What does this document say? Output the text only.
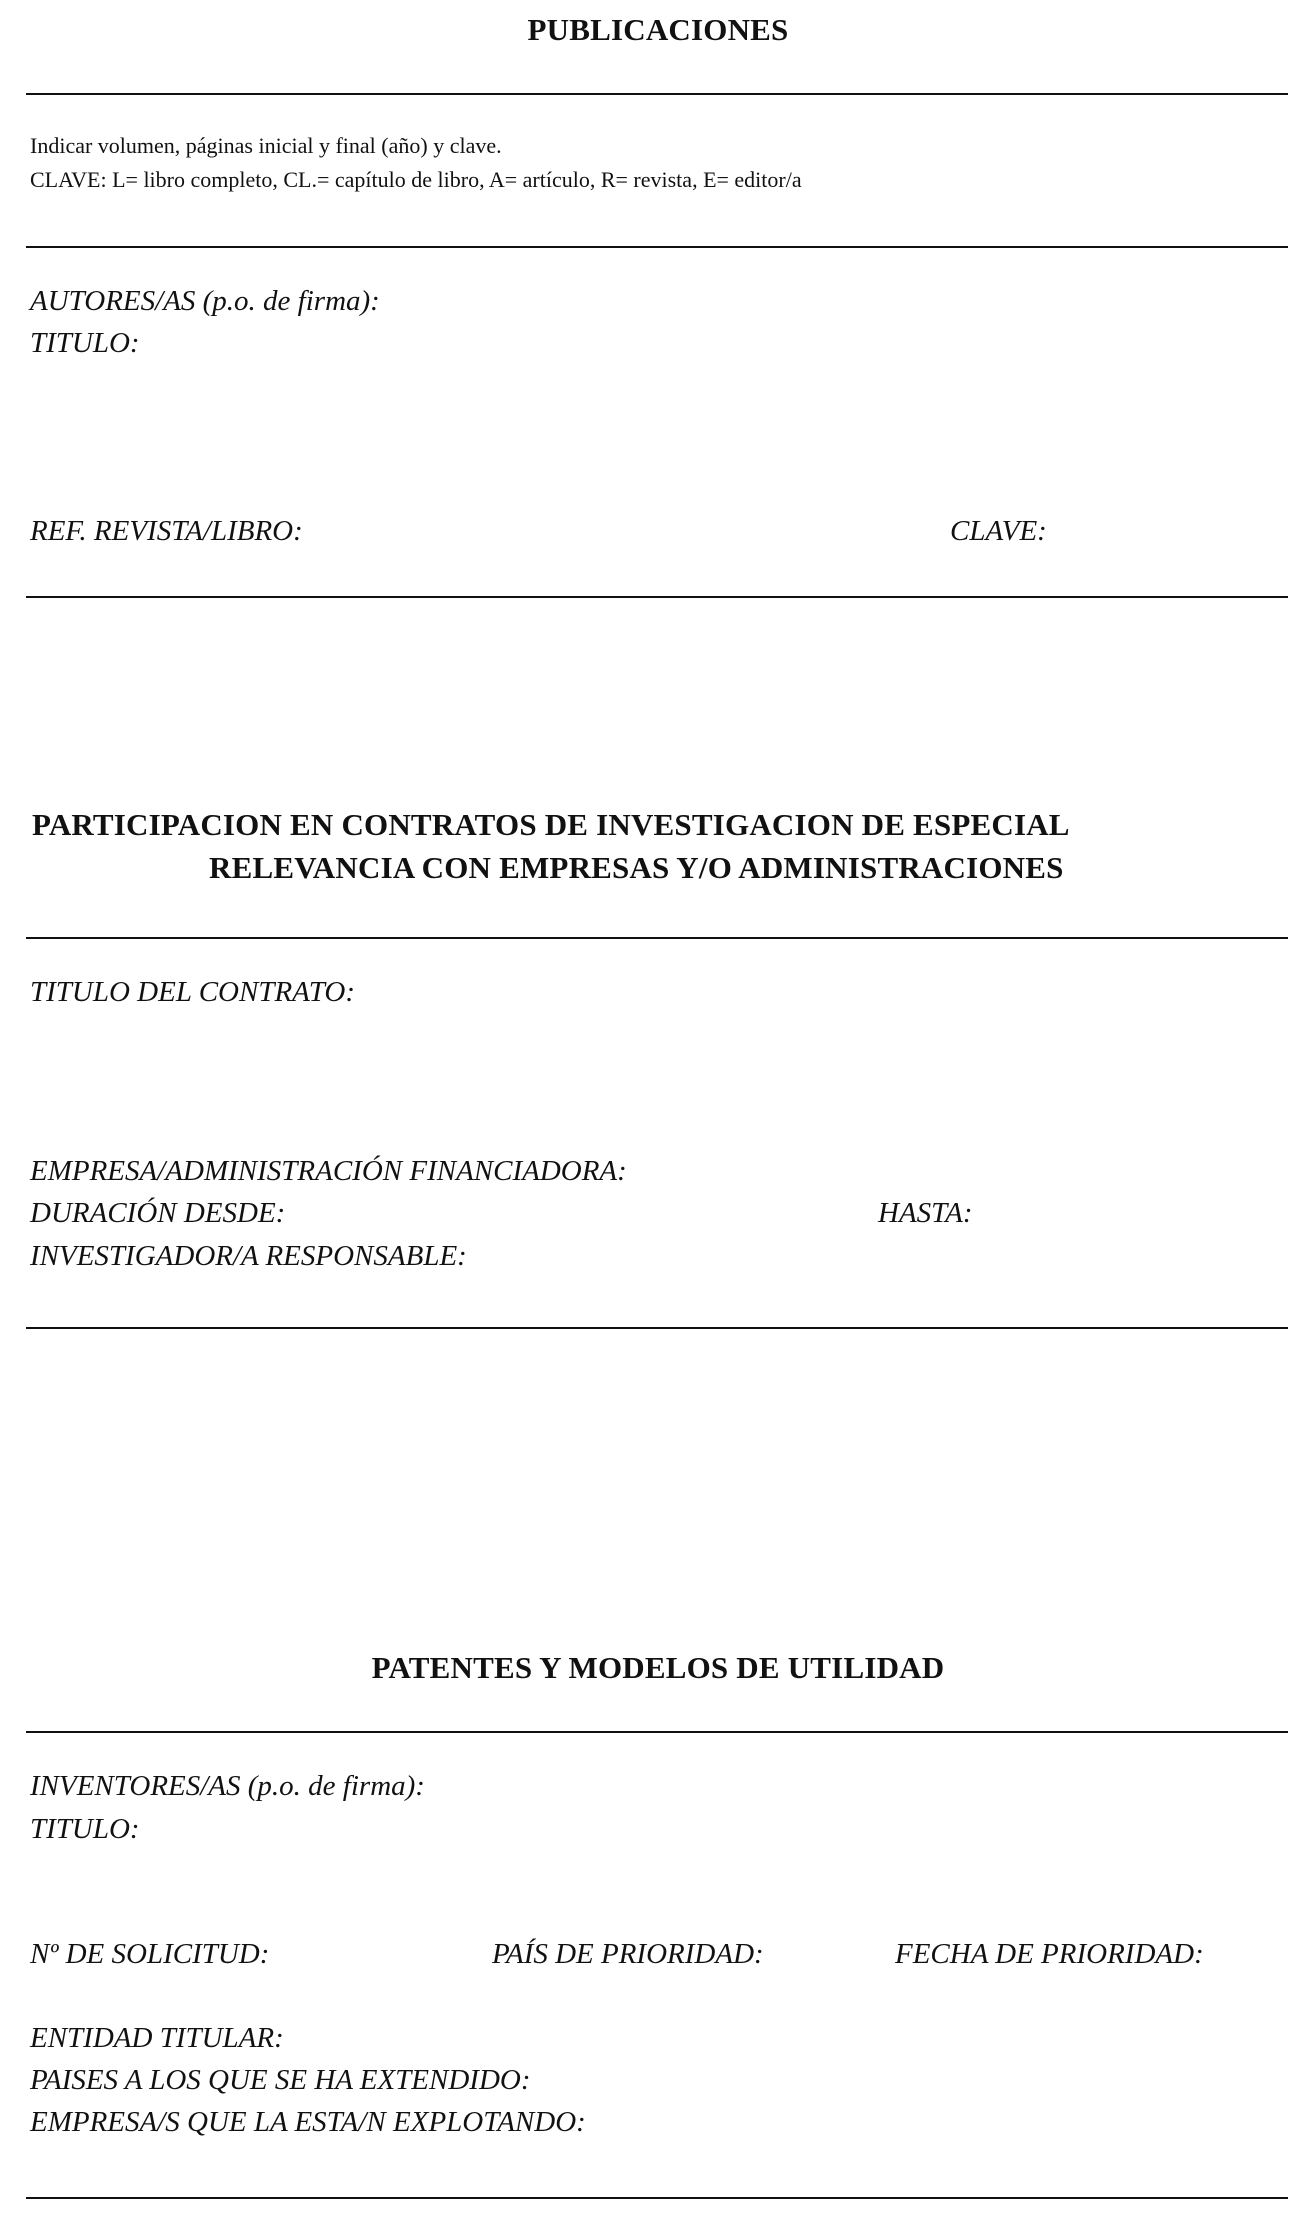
PUBLICACIONES
Indicar volumen, páginas inicial y final (año) y clave.
CLAVE: L= libro completo, CL.= capítulo de libro, A= artículo, R= revista, E= editor/a
AUTORES/AS (p.o. de firma):
TITULO:
REF. REVISTA/LIBRO:	CLAVE:
PARTICIPACION EN CONTRATOS DE INVESTIGACION DE ESPECIAL
RELEVANCIA CON EMPRESAS Y/O ADMINISTRACIONES
TITULO DEL CONTRATO:
EMPRESA/ADMINISTRACIÓN FINANCIADORA:
DURACIÓN DESDE:	HASTA:
INVESTIGADOR/A RESPONSABLE:
PATENTES Y MODELOS DE UTILIDAD
INVENTORES/AS (p.o. de firma):
TITULO:
Nº DE SOLICITUD:	PAÍS DE PRIORIDAD:	FECHA DE PRIORIDAD:
ENTIDAD TITULAR:
PAISES A LOS QUE SE HA EXTENDIDO:
EMPRESA/S QUE LA ESTA/N EXPLOTANDO:
